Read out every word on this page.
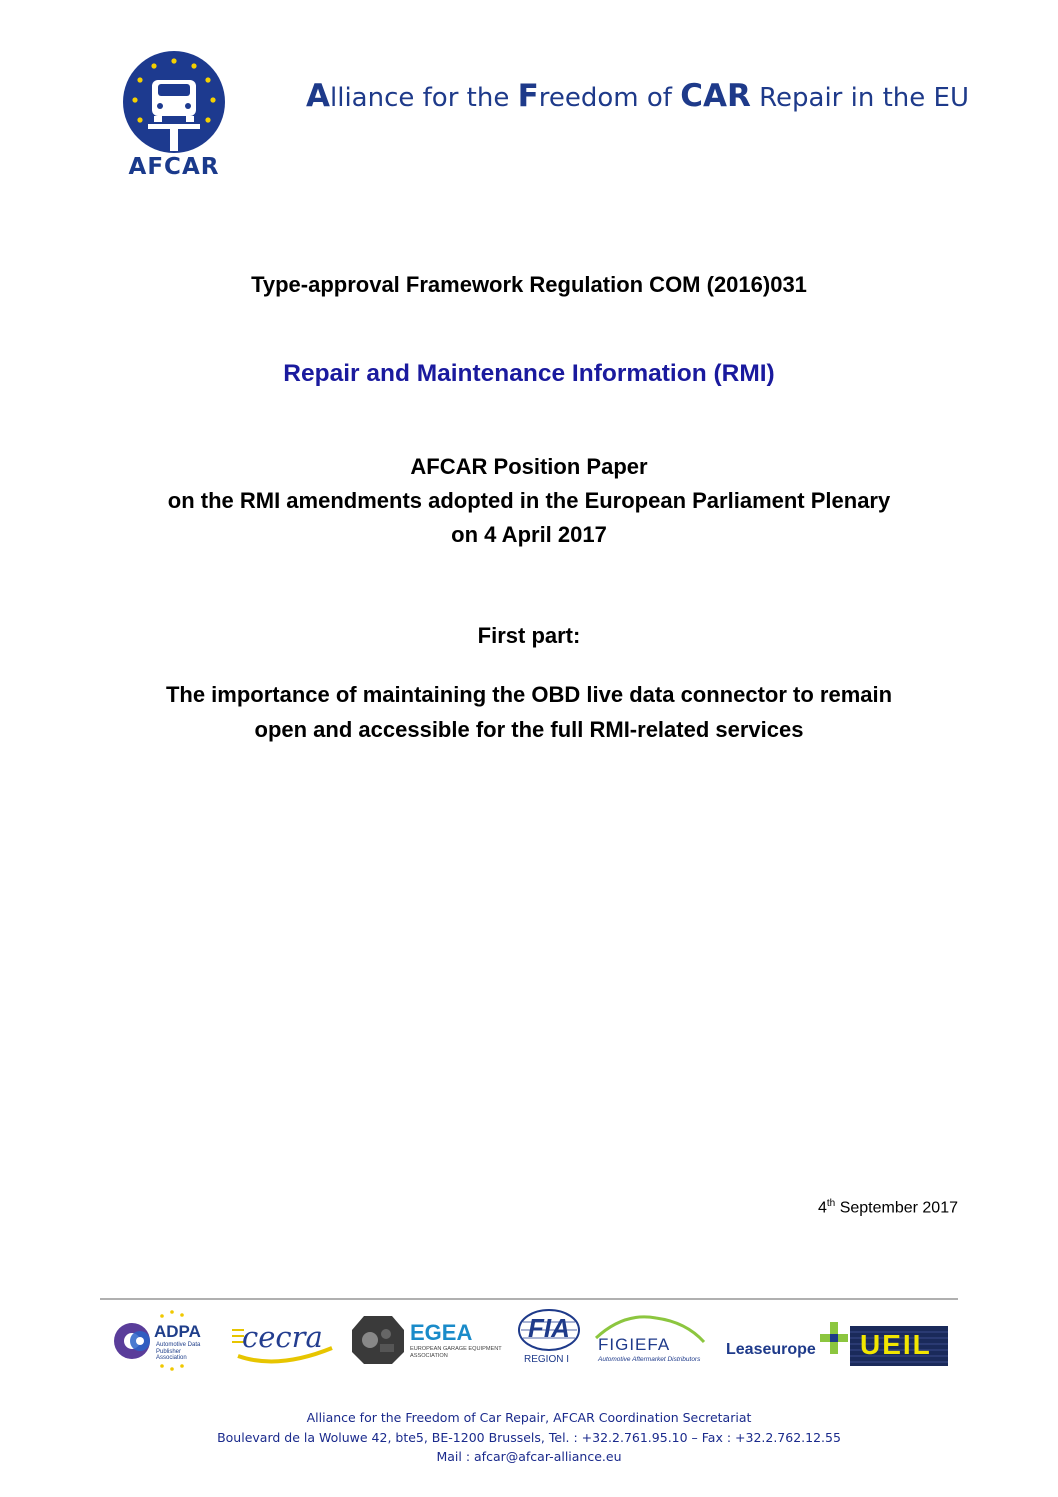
AFCAR
Alliance for the Freedom of CAR Repair in the EU
Type-approval Framework Regulation COM (2016)031
Repair and Maintenance Information (RMI)
AFCAR Position Paper
on the RMI amendments adopted in the European Parliament Plenary
on 4 April 2017
First part:
The importance of maintaining the OBD live data connector to remain
open and accessible for the full RMI-related services
4th September 2017
ADPA
Automotive Data
Publisher Association
cecra	EGEA
EUROPEAN GARAGE EQUIPMENT
ASSOCIATION
FIA
REGION I
FIGIEFA
Automotive Aftermarket Distributors
Leaseurope UEIL
Alliance for the Freedom of Car Repair, AFCAR Coordination Secretariat
Boulevard de la Woluwe 42, bte5, BE-1200 Brussels, Tel. : +32.2.761.95.10 – Fax : +32.2.762.12.55
Mail : afcar@afcar-alliance.eu
